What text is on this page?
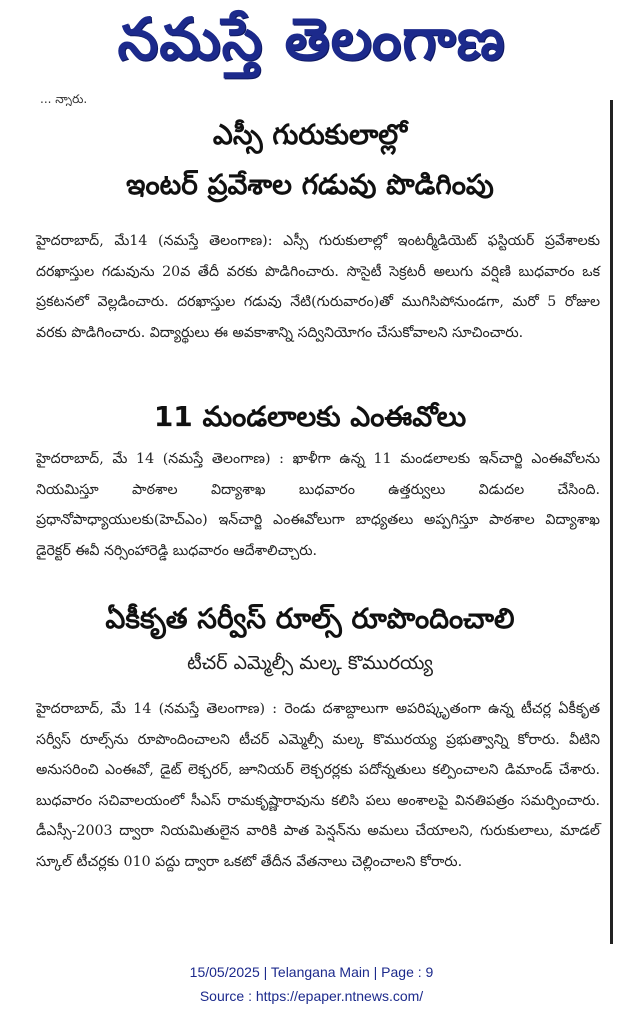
నమస్తే తెలంగాణ
... న్నారు.
ఎస్సీ గురుకులాల్లో
ఇంటర్ ప్రవేశాల గడువు పొడిగింపు
హైదరాబాద్, మే14 (నమస్తే తెలంగాణ): ఎస్సీ గురుకులాల్లో ఇంటర్మీడియెట్ ఫస్టియర్ ప్రవేశాలకు దరఖాస్తుల గడువును 20వ తేదీ వరకు పొడిగించారు. సొసైటీ సెక్రటరీ అలుగు వర్షిణి బుధవారం ఒక ప్రకటనలో వెల్లడించారు. దరఖాస్తుల గడువు నేటి(గురువారం)తో ముగిసిపోనుండగా, మరో 5 రోజుల వరకు పొడిగించారు. విద్యార్థులు ఈ అవకాశాన్ని సద్వినియోగం చేసుకోవాలని సూచించారు.
11 మండలాలకు ఎంఈవోలు
హైదరాబాద్, మే 14 (నమస్తే తెలంగాణ) : ఖాళీగా ఉన్న 11 మండలాలకు ఇన్‌చార్జి ఎంఈవోలను నియమిస్తూ పాఠశాల విద్యాశాఖ బుధవారం ఉత్తర్వులు విడుదల చేసింది. ప్రధానోపాధ్యాయులకు(హెచ్‌ఎం) ఇన్‌చార్జి ఎంఈవోలుగా బాధ్యతలు అప్పగిస్తూ పాఠశాల విద్యాశాఖ డైరెక్టర్ ఈవీ నర్సింహారెడ్డి బుధవారం ఆదేశాలిచ్చారు.
ఏకీకృత సర్వీస్ రూల్స్ రూపొందించాలి
టీచర్ ఎమ్మెల్సీ మల్క కొమురయ్య
హైదరాబాద్, మే 14 (నమస్తే తెలంగాణ) : రెండు దశాబ్దాలుగా అపరిష్కృతంగా ఉన్న టీచర్ల ఏకీకృత సర్వీస్ రూల్స్‌ను రూపొందించాలని టీచర్ ఎమ్మెల్సీ మల్క కొమురయ్య ప్రభుత్వాన్ని కోరారు. వీటిని అనుసరించి ఎంఈవో, డైట్ లెక్చరర్, జూనియర్ లెక్చరర్లకు పదోన్నతులు కల్పించాలని డిమాండ్ చేశారు. బుధవారం సచివాలయంలో సీఎస్ రామకృష్ణారావును కలిసి పలు అంశాలపై వినతిపత్రం సమర్పించారు. డీఎస్సీ-2003 ద్వారా నియమితులైన వారికి పాత పెన్షన్‌ను అమలు చేయాలని, గురుకులాలు, మాడల్ స్కూల్ టీచర్లకు 010 పద్దు ద్వారా ఒకటో తేదీన వేతనాలు చెల్లించాలని కోరారు.
15/05/2025 | Telangana Main | Page : 9
Source : https://epaper.ntnews.com/
